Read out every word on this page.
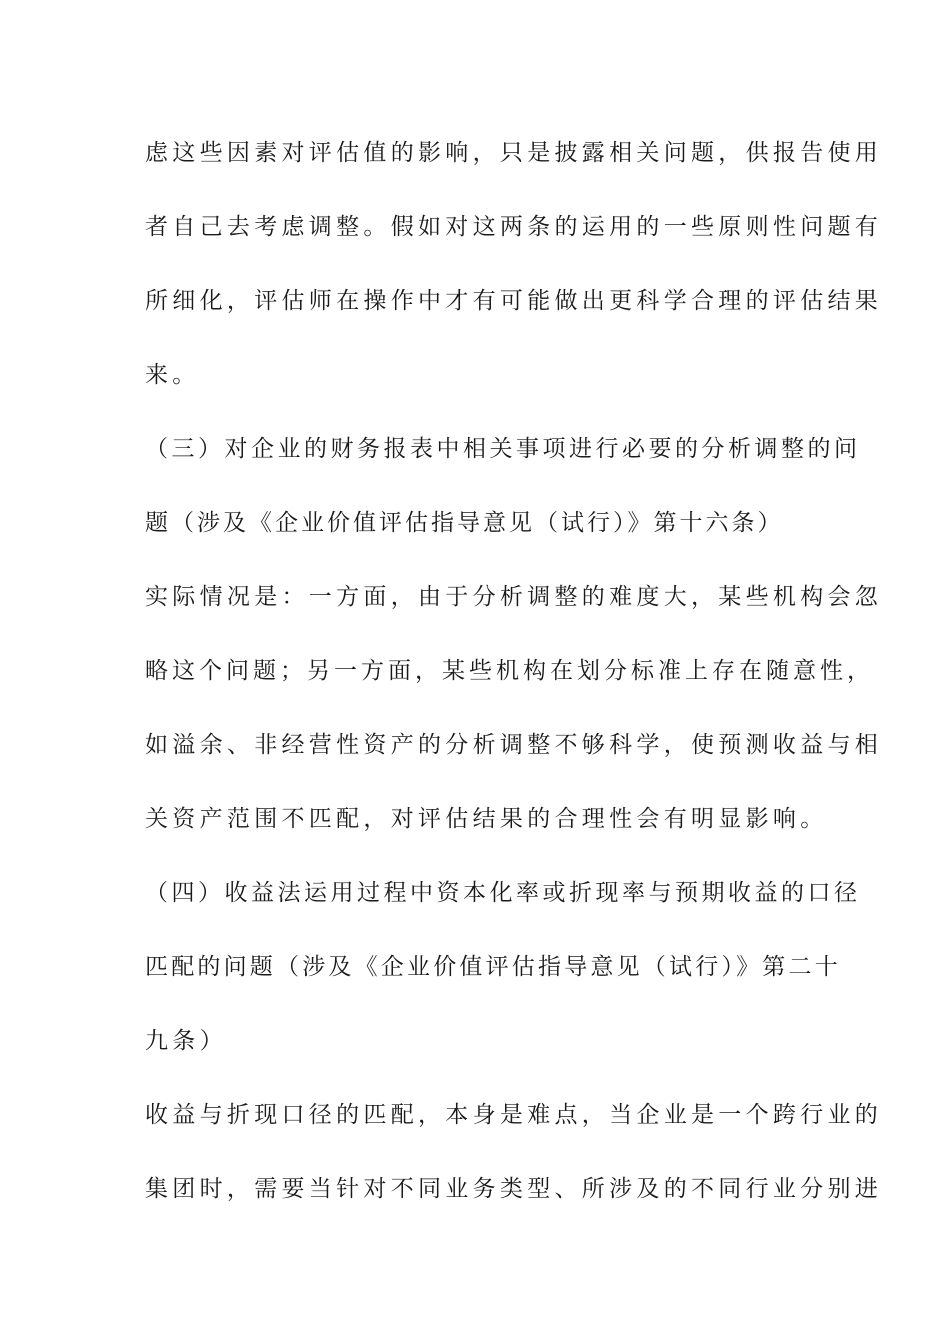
虑这些因素对评估值的影响，只是披露相关问题，供报告使用
者自己去考虑调整。假如对这两条的运用的一些原则性问题有
所细化，评估师在操作中才有可能做出更科学合理的评估结果
来。
（三）对企业的财务报表中相关事项进行必要的分析调整的问
题（涉及《企业价值评估指导意见（试行）》第十六条）
实际情况是：一方面，由于分析调整的难度大，某些机构会忽
略这个问题；另一方面，某些机构在划分标准上存在随意性，
如溢余、非经营性资产的分析调整不够科学，使预测收益与相
关资产范围不匹配，对评估结果的合理性会有明显影响。
（四）收益法运用过程中资本化率或折现率与预期收益的口径
匹配的问题（涉及《企业价值评估指导意见（试行）》第二十
九条）
收益与折现口径的匹配，本身是难点，当企业是一个跨行业的
集团时，需要当针对不同业务类型、所涉及的不同行业分别进
